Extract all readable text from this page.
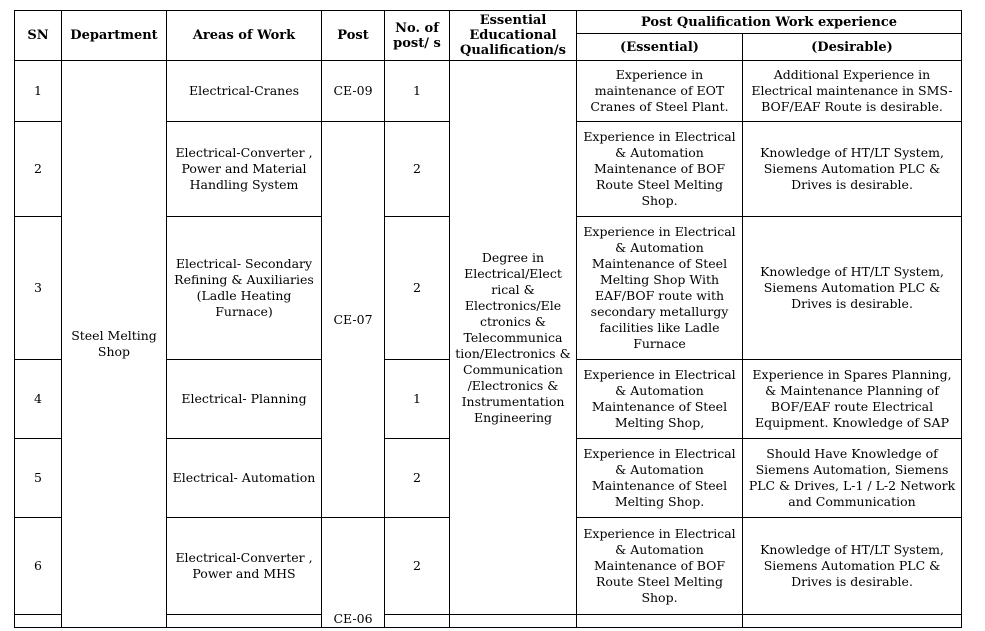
SN	Department	Areas of Work	Post	No. of post/ s	Essential Educational Qualification/s	Post Qualification Work experience	
						(Essential)	(Desirable)
1	Steel Melting Shop	Electrical-Cranes	CE-09	1	Degree in Electrical/Elect rical & Electronics/Ele ctronics & Telecommunica tion/Electronics & Communication /Electronics & Instrumentation Engineering	Experience in maintenance of EOT Cranes of Steel Plant.	Additional Experience in Electrical maintenance in SMS-BOF/EAF Route is desirable.
2		Electrical-Converter , Power and Material Handling System	CE-07	2		Experience in Electrical & Automation Maintenance of BOF Route Steel Melting Shop.	Knowledge of HT/LT System, Siemens Automation PLC & Drives is desirable.
3		Electrical- Secondary Refining & Auxiliaries (Ladle Heating Furnace)		2		Experience in Electrical & Automation Maintenance of Steel Melting Shop With EAF/BOF route with secondary metallurgy facilities like Ladle Furnace	Knowledge of HT/LT System, Siemens Automation PLC & Drives is desirable.
4		Electrical- Planning		1		Experience in Electrical & Automation Maintenance of Steel Melting Shop,	Experience in Spares Planning, & Maintenance Planning of BOF/EAF route Electrical Equipment. Knowledge of SAP
5		Electrical- Automation		2		Experience in Electrical & Automation Maintenance of Steel Melting Shop.	Should Have Knowledge of Siemens Automation, Siemens PLC & Drives, L-1 / L-2 Network and Communication
6		Electrical-Converter , Power and MHS	CE-06	2		Experience in Electrical & Automation Maintenance of BOF Route Steel Melting Shop.	Knowledge of HT/LT System, Siemens Automation PLC & Drives is desirable.
